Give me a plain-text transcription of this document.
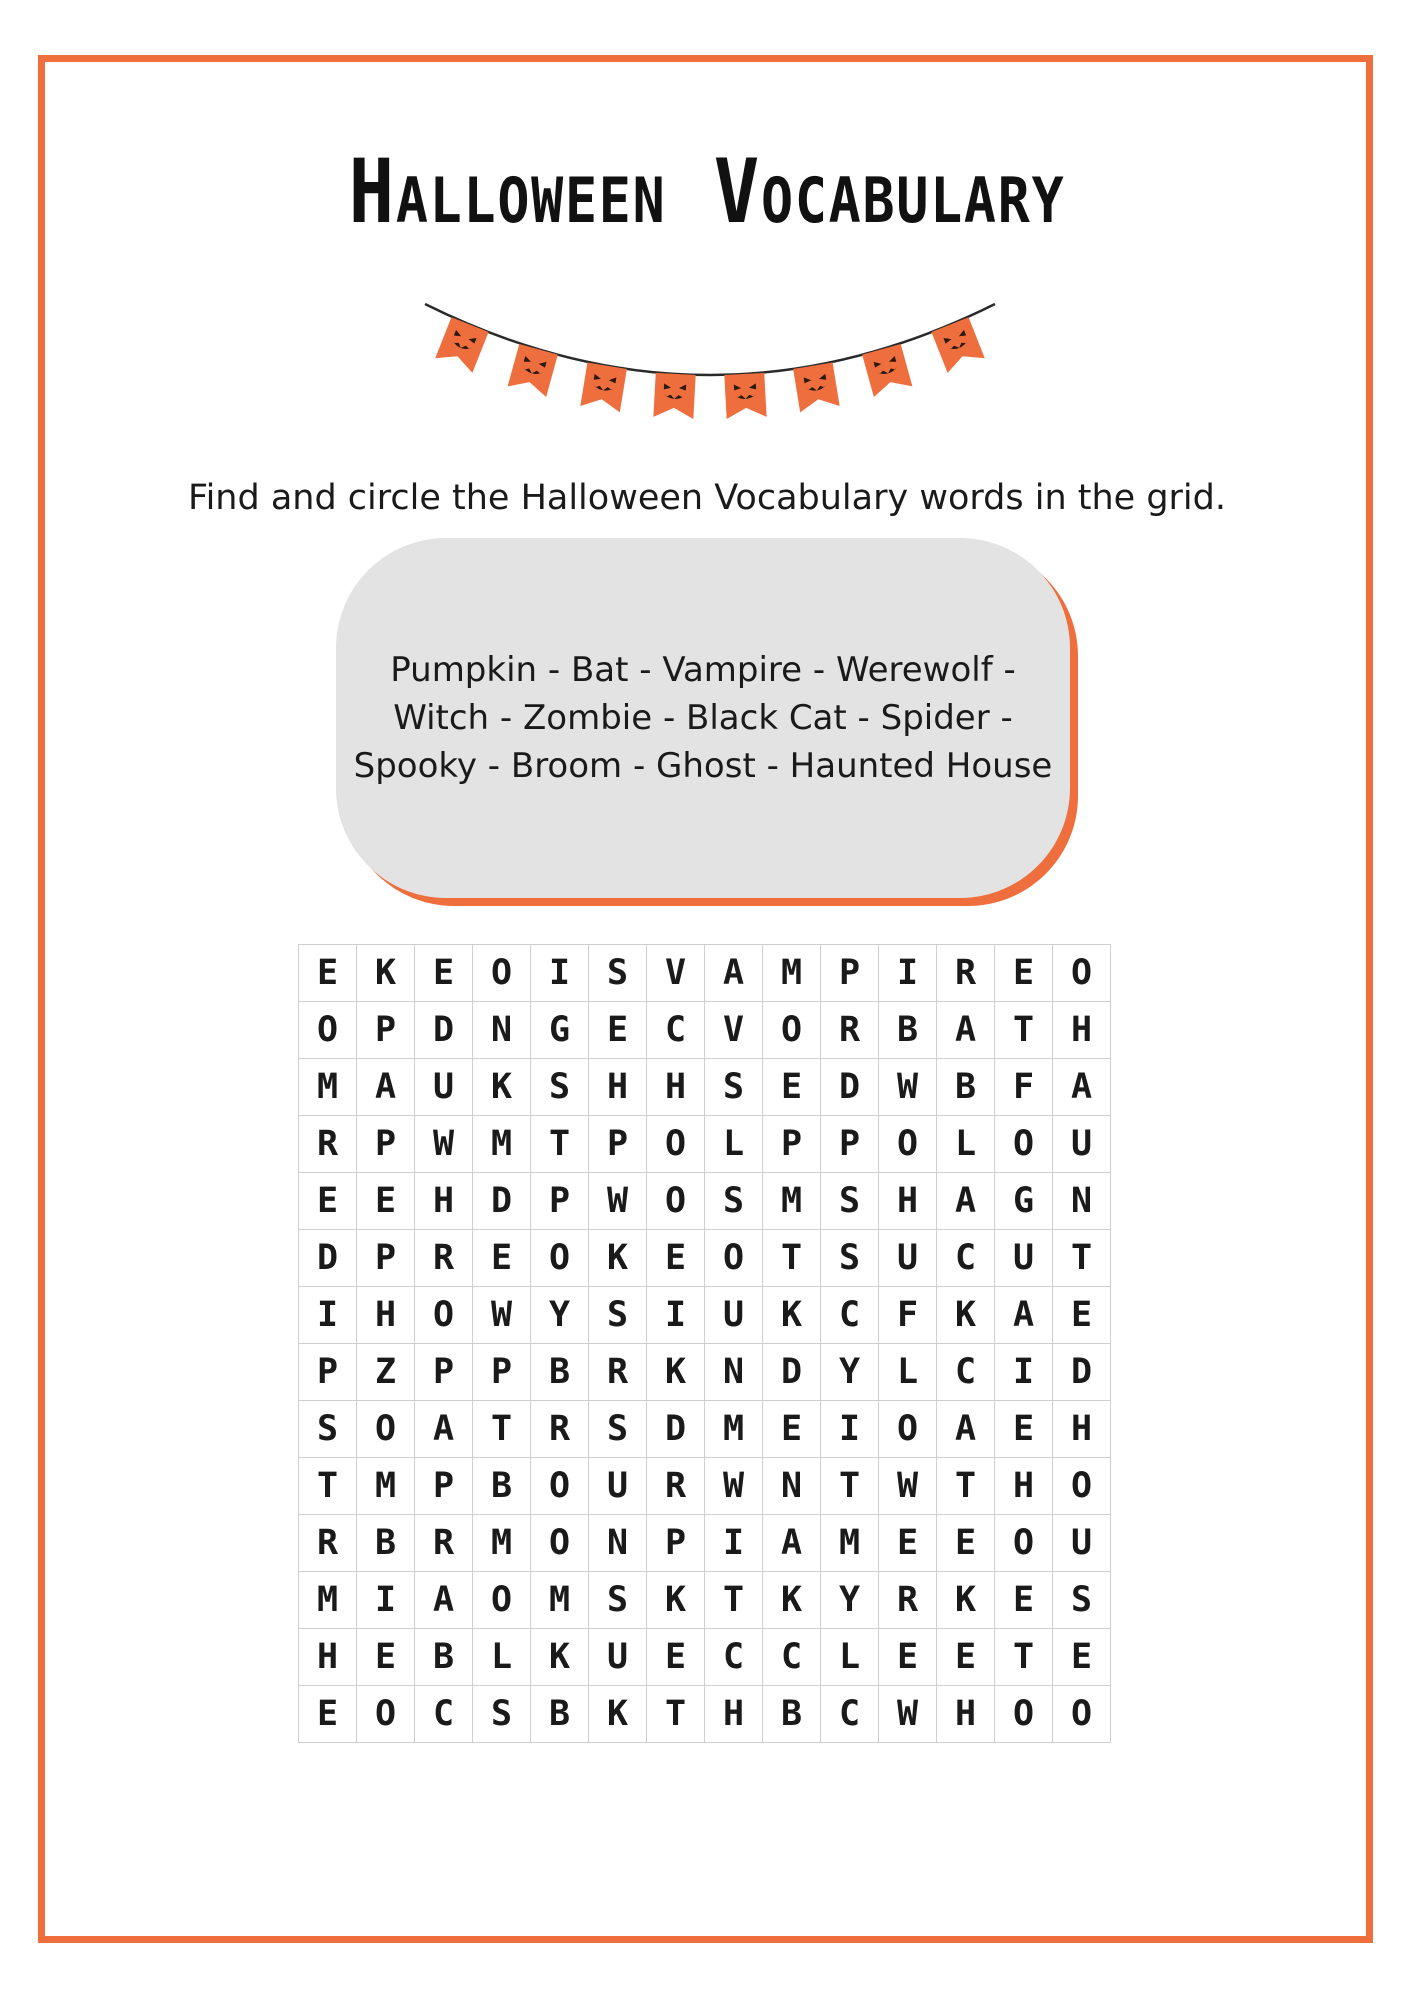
Halloween Vocabulary
Find and circle the Halloween Vocabulary words in the grid.
Pumpkin - Bat - Vampire - Werewolf -
Witch - Zombie - Black Cat - Spider -
Spooky - Broom - Ghost - Haunted House
E	K	E	O	I	S	V	A	M	P	I	R	E	O
O	P	D	N	G	E	C	V	O	R	B	A	T	H
M	A	U	K	S	H	H	S	E	D	W	B	F	A
R	P	W	M	T	P	O	L	P	P	O	L	O	U
E	E	H	D	P	W	O	S	M	S	H	A	G	N
D	P	R	E	O	K	E	O	T	S	U	C	U	T
I	H	O	W	Y	S	I	U	K	C	F	K	A	E
P	Z	P	P	B	R	K	N	D	Y	L	C	I	D
S	O	A	T	R	S	D	M	E	I	O	A	E	H
T	M	P	B	O	U	R	W	N	T	W	T	H	O
R	B	R	M	O	N	P	I	A	M	E	E	O	U
M	I	A	O	M	S	K	T	K	Y	R	K	E	S
H	E	B	L	K	U	E	C	C	L	E	E	T	E
E	O	C	S	B	K	T	H	B	C	W	H	O	O
